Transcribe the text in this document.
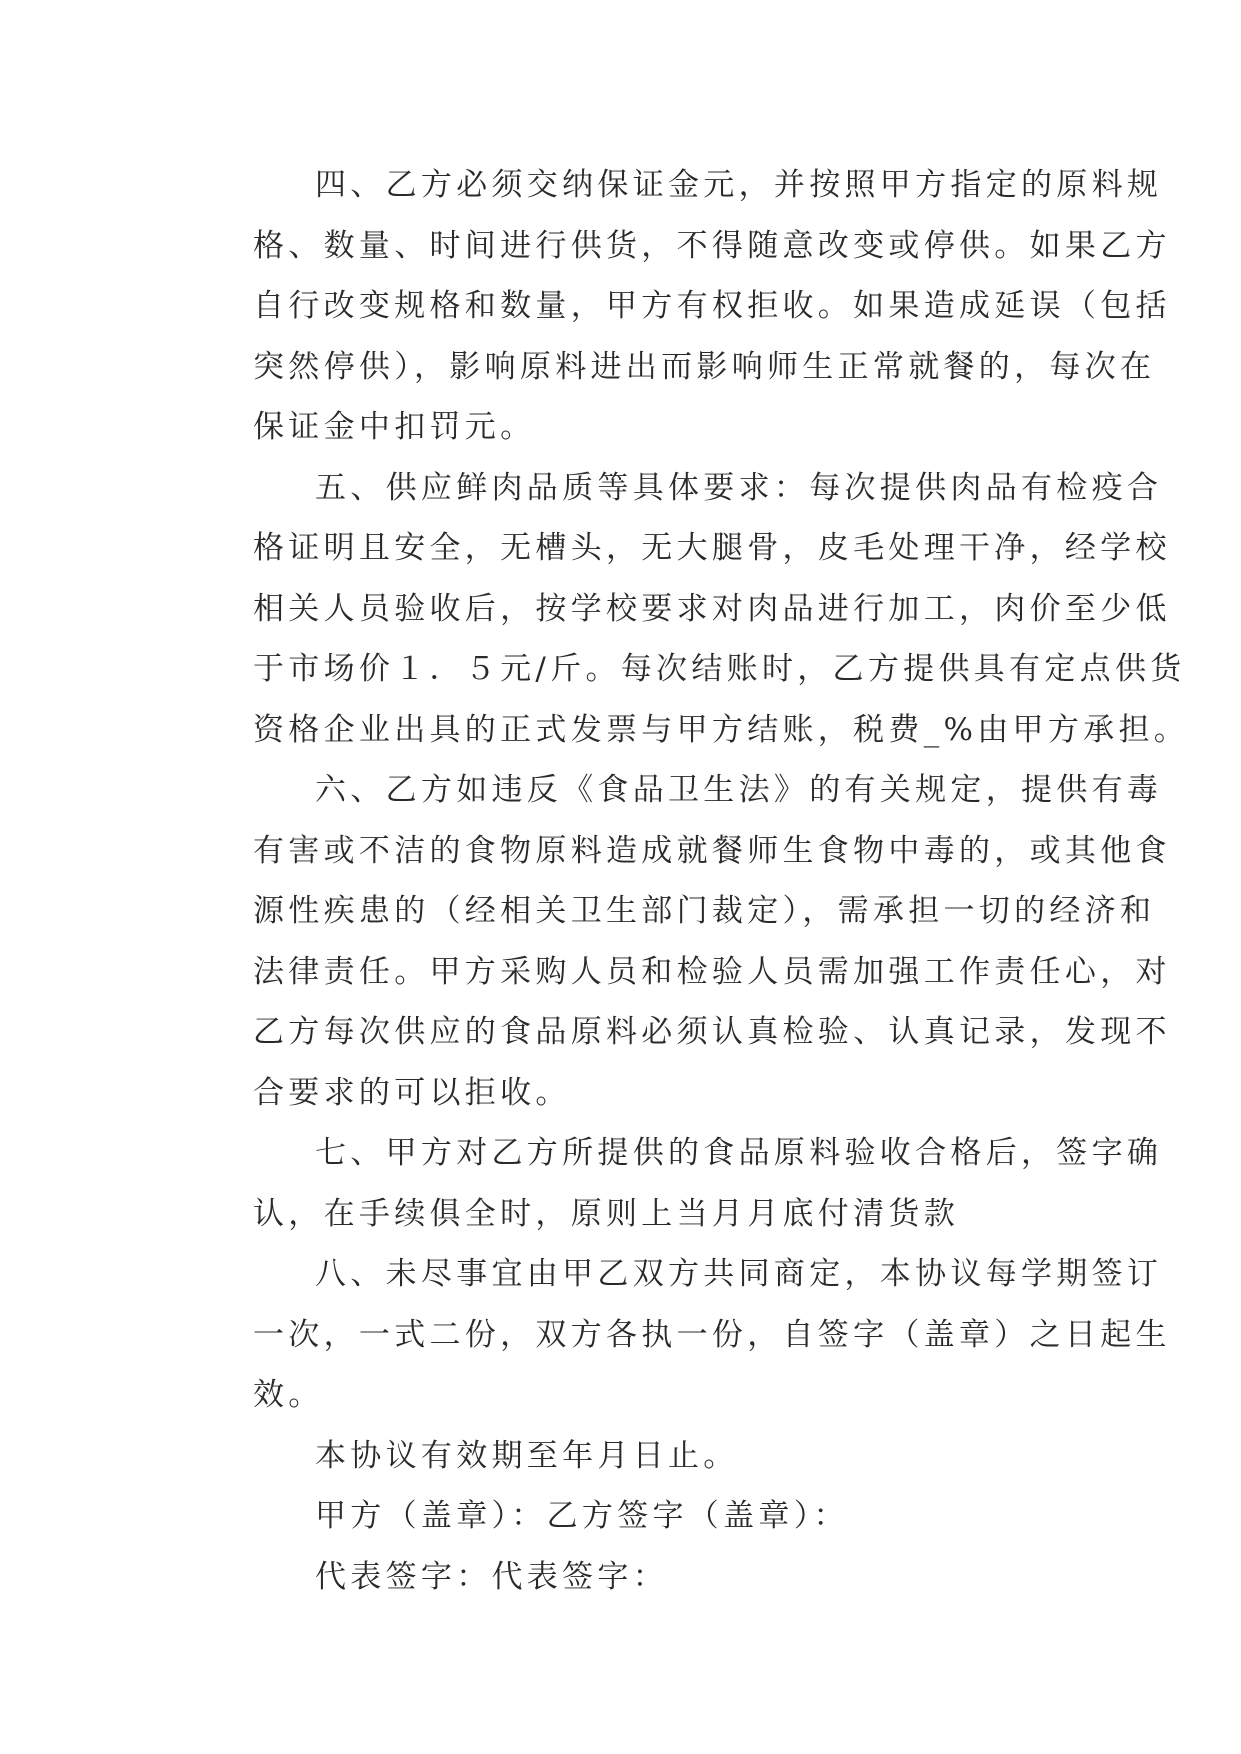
四、乙方必须交纳保证金元，并按照甲方指定的原料规
格、数量、时间进行供货，不得随意改变或停供。如果乙方
自行改变规格和数量，甲方有权拒收。如果造成延误（包括
突然停供），影响原料进出而影响师生正常就餐的，每次在
保证金中扣罚元。

五、供应鲜肉品质等具体要求：每次提供肉品有检疫合
格证明且安全，无槽头，无大腿骨，皮毛处理干净，经学校
相关人员验收后，按学校要求对肉品进行加工，肉价至少低
于市场价１．５元/斤。每次结账时，乙方提供具有定点供货
资格企业出具的正式发票与甲方结账，税费_%由甲方承担。

六、乙方如违反《食品卫生法》的有关规定，提供有毒
有害或不洁的食物原料造成就餐师生食物中毒的，或其他食
源性疾患的（经相关卫生部门裁定），需承担一切的经济和
法律责任。甲方采购人员和检验人员需加强工作责任心，对
乙方每次供应的食品原料必须认真检验、认真记录，发现不
合要求的可以拒收。

七、甲方对乙方所提供的食品原料验收合格后，签字确
认，在手续俱全时，原则上当月月底付清货款

八、未尽事宜由甲乙双方共同商定，本协议每学期签订
一次，一式二份，双方各执一份，自签字（盖章）之日起生
效。

本协议有效期至年月日止。

甲方（盖章）：乙方签字（盖章）：

代表签字：代表签字：
